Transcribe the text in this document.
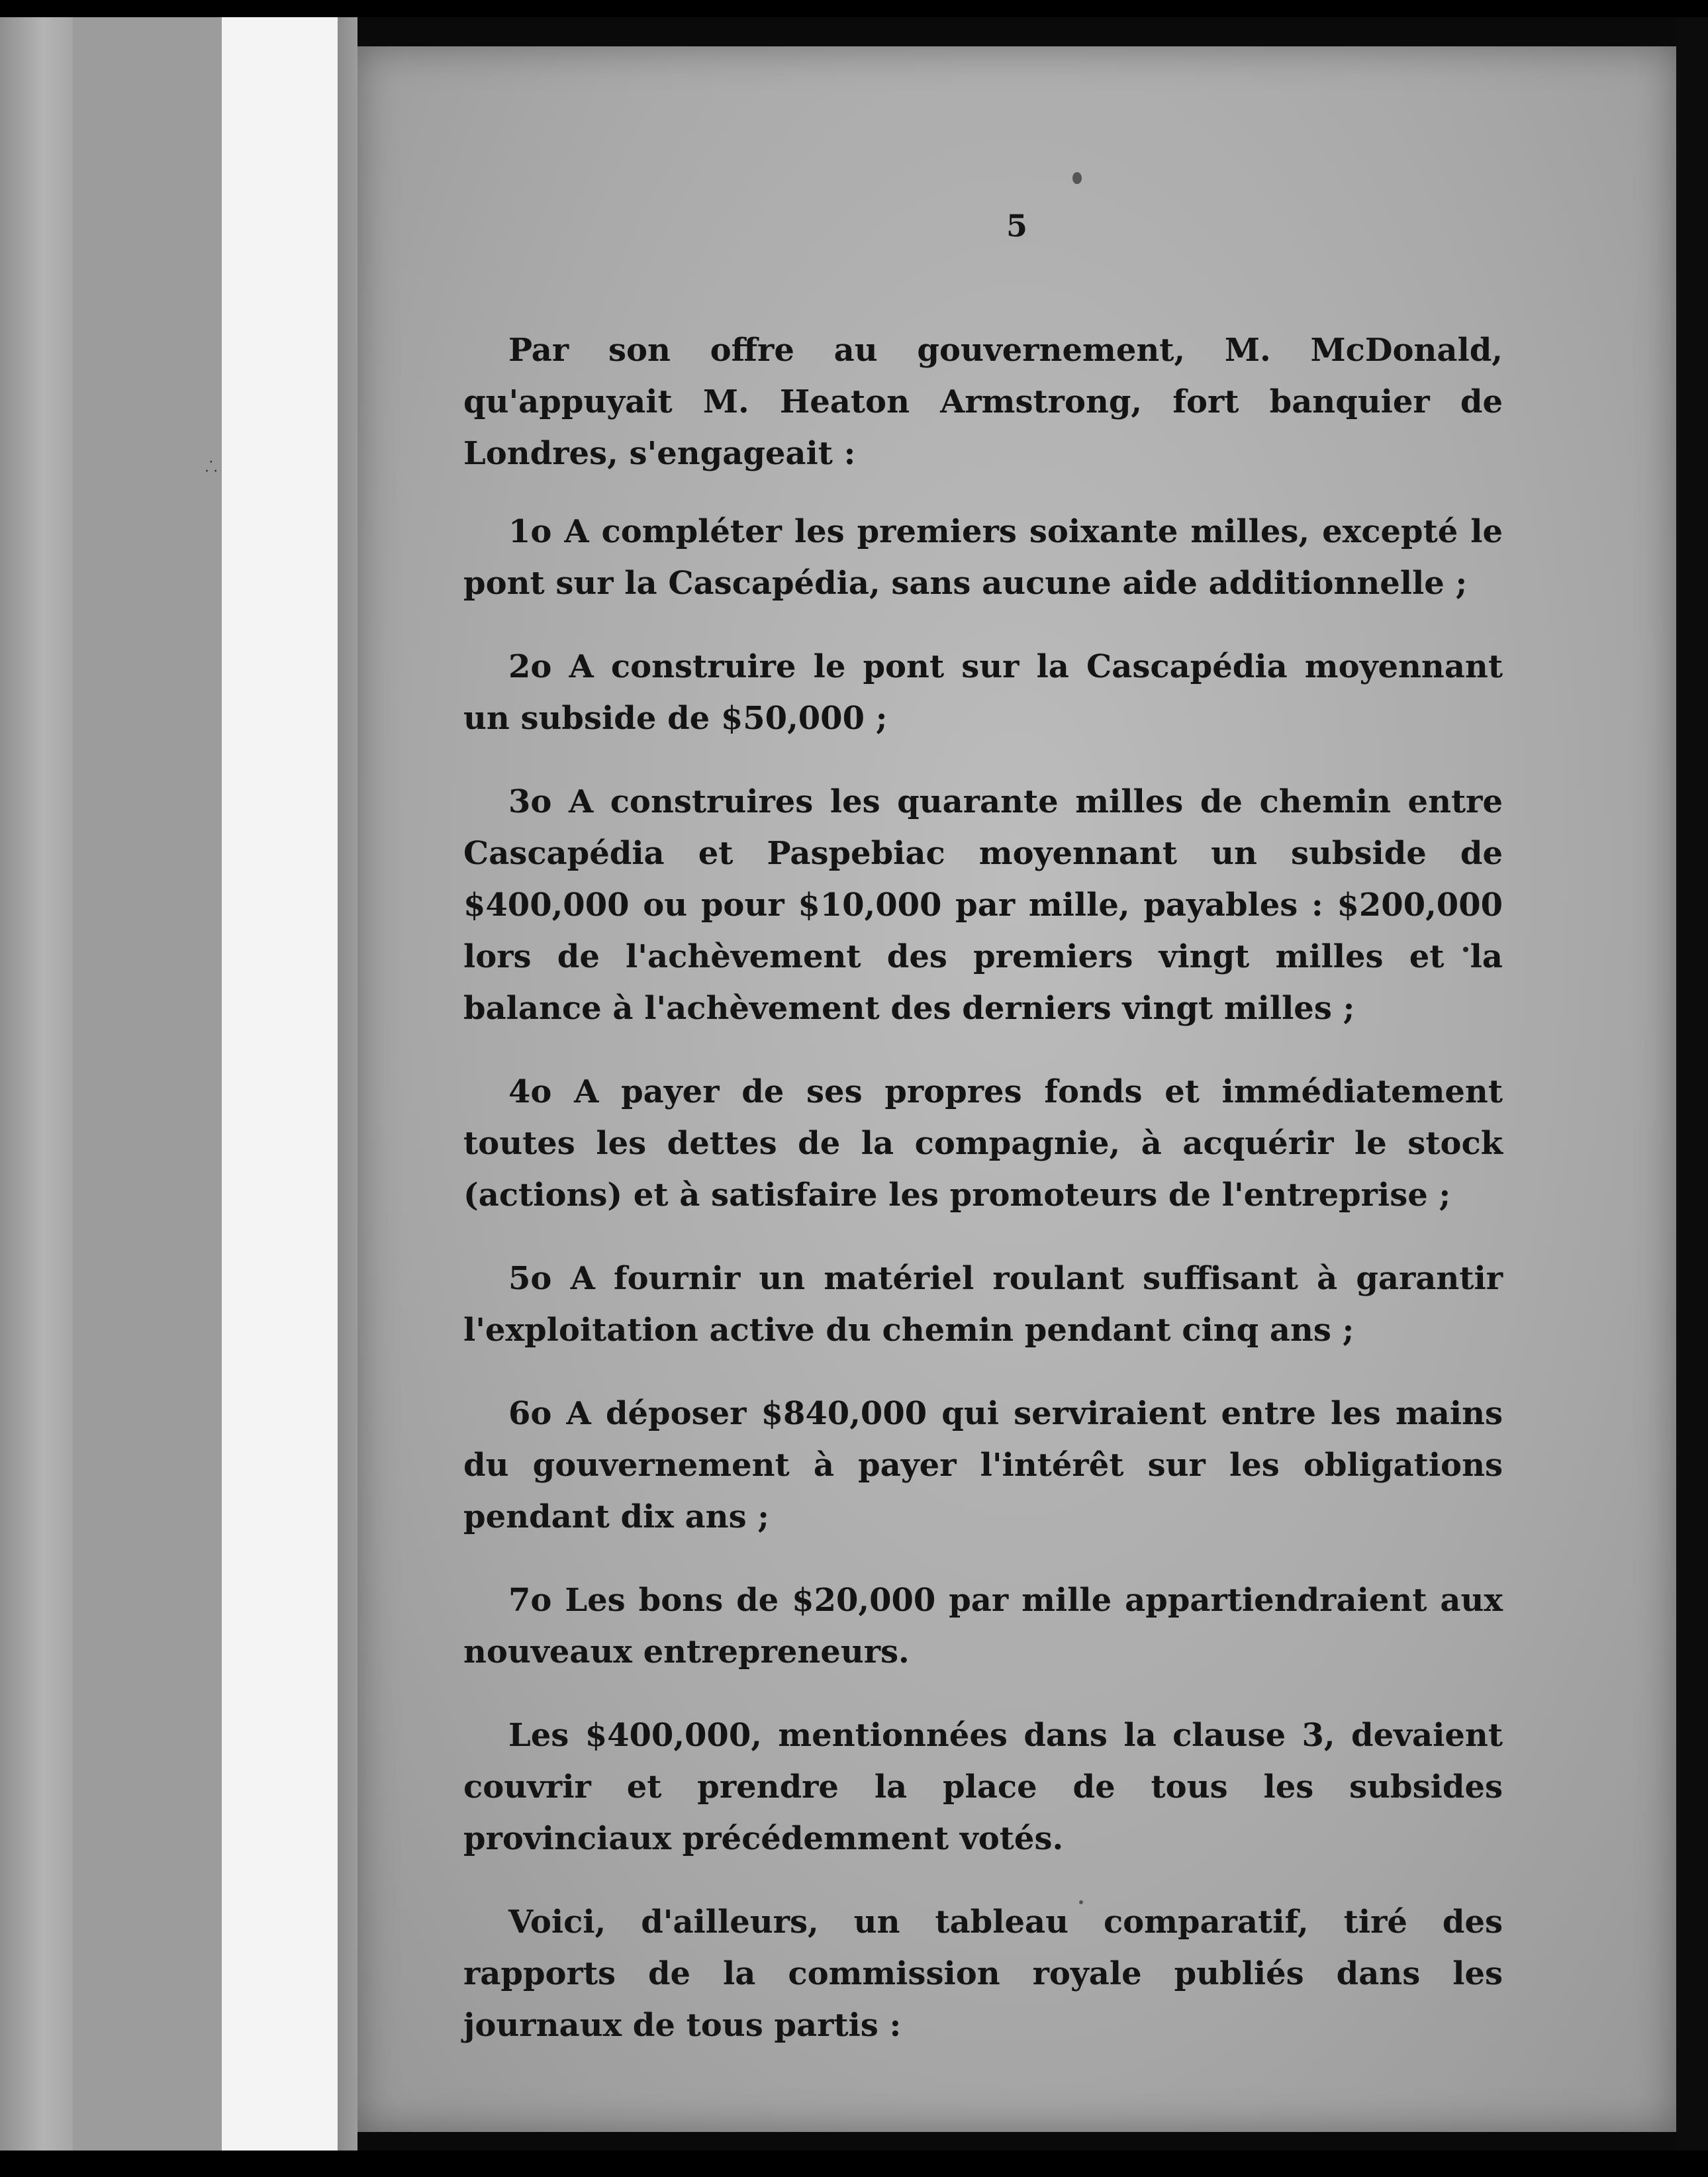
⸫
5

Par son offre au gouvernement, M. McDonald, qu'appuyait M. Heaton Armstrong, fort banquier de Londres, s'engageait :

1o A compléter les premiers soixante milles, excepté le pont sur la Cascapédia, sans aucune aide additionnelle ;

2o A construire le pont sur la Cascapédia moyennant un subside de $50,000 ;

3o A construires les quarante milles de chemin entre Cascapédia et Paspebiac moyennant un subside de $400,000 ou pour $10,000 par mille, payables : $200,000 lors de l'achèvement des premiers vingt milles et la balance à l'achèvement des derniers vingt milles ;

4o A payer de ses propres fonds et immédiatement toutes les dettes de la compagnie, à acquérir le stock (actions) et à satisfaire les promoteurs de l'entreprise ;

5o A fournir un matériel roulant suffisant à garantir l'exploitation active du chemin pendant cinq ans ;

6o A déposer $840,000 qui serviraient entre les mains du gouvernement à payer l'intérêt sur les obligations pendant dix ans ;

7o Les bons de $20,000 par mille appartiendraient aux nouveaux entrepreneurs.

Les $400,000, mentionnées dans la clause 3, devaient couvrir et prendre la place de tous les subsides provinciaux précédemment votés.

Voici, d'ailleurs, un tableau comparatif, tiré des rapports de la commission royale publiés dans les journaux de tous partis :
